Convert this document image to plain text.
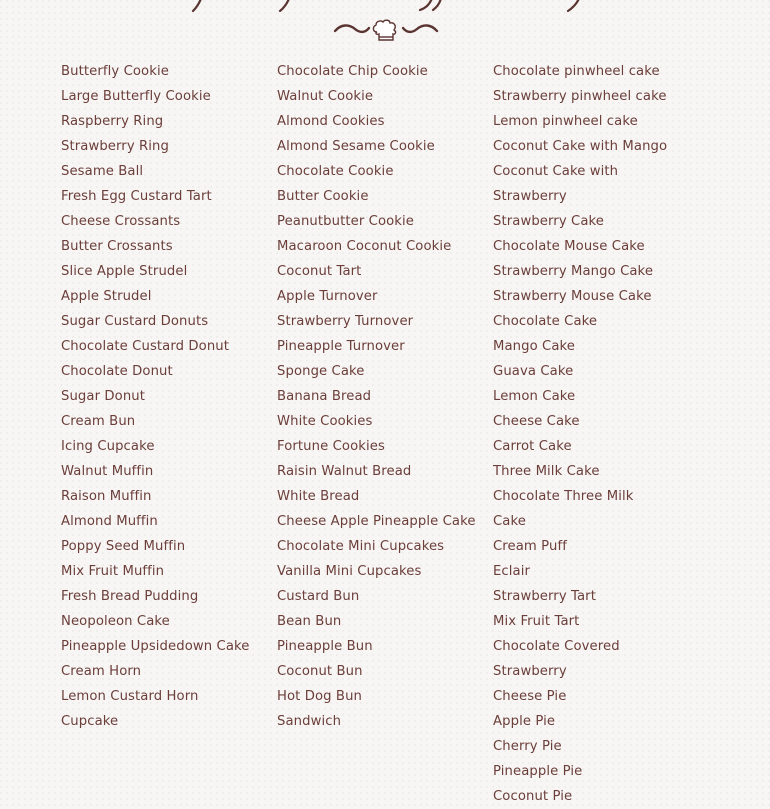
Butterfly Cookie
Large Butterfly Cookie
Raspberry Ring
Strawberry Ring
Sesame Ball
Fresh Egg Custard Tart
Cheese Crossants
Butter Crossants
Slice Apple Strudel
Apple Strudel
Sugar Custard Donuts
Chocolate Custard Donut
Chocolate Donut
Sugar Donut
Cream Bun
Icing Cupcake
Walnut Muffin
Raison Muffin
Almond Muffin
Poppy Seed Muffin
Mix Fruit Muffin
Fresh Bread Pudding
Neopoleon Cake
Pineapple Upsidedown Cake
Cream Horn
Lemon Custard Horn
Cupcake
Chocolate Chip Cookie
Walnut Cookie
Almond Cookies
Almond Sesame Cookie
Chocolate Cookie
Butter Cookie
Peanutbutter Cookie
Macaroon Coconut Cookie
Coconut Tart
Apple Turnover
Strawberry Turnover
Pineapple Turnover
Sponge Cake
Banana Bread
White Cookies
Fortune Cookies
Raisin Walnut Bread
White Bread
Cheese Apple Pineapple Cake
Chocolate Mini Cupcakes
Vanilla Mini Cupcakes
Custard Bun
Bean Bun
Pineapple Bun
Coconut Bun
Hot Dog Bun
Sandwich
Chocolate pinwheel cake
Strawberry pinwheel cake
Lemon pinwheel cake
Coconut Cake with Mango
Coconut Cake with Strawberry
Strawberry Cake
Chocolate Mouse Cake
Strawberry Mango Cake
Strawberry Mouse Cake
Chocolate Cake
Mango Cake
Guava Cake
Lemon Cake
Cheese Cake
Carrot Cake
Three Milk Cake
Chocolate Three Milk Cake
Cream Puff
Eclair
Strawberry Tart
Mix Fruit Tart
Chocolate Covered Strawberry
Cheese Pie
Apple Pie
Cherry Pie
Pineapple Pie
Coconut Pie
